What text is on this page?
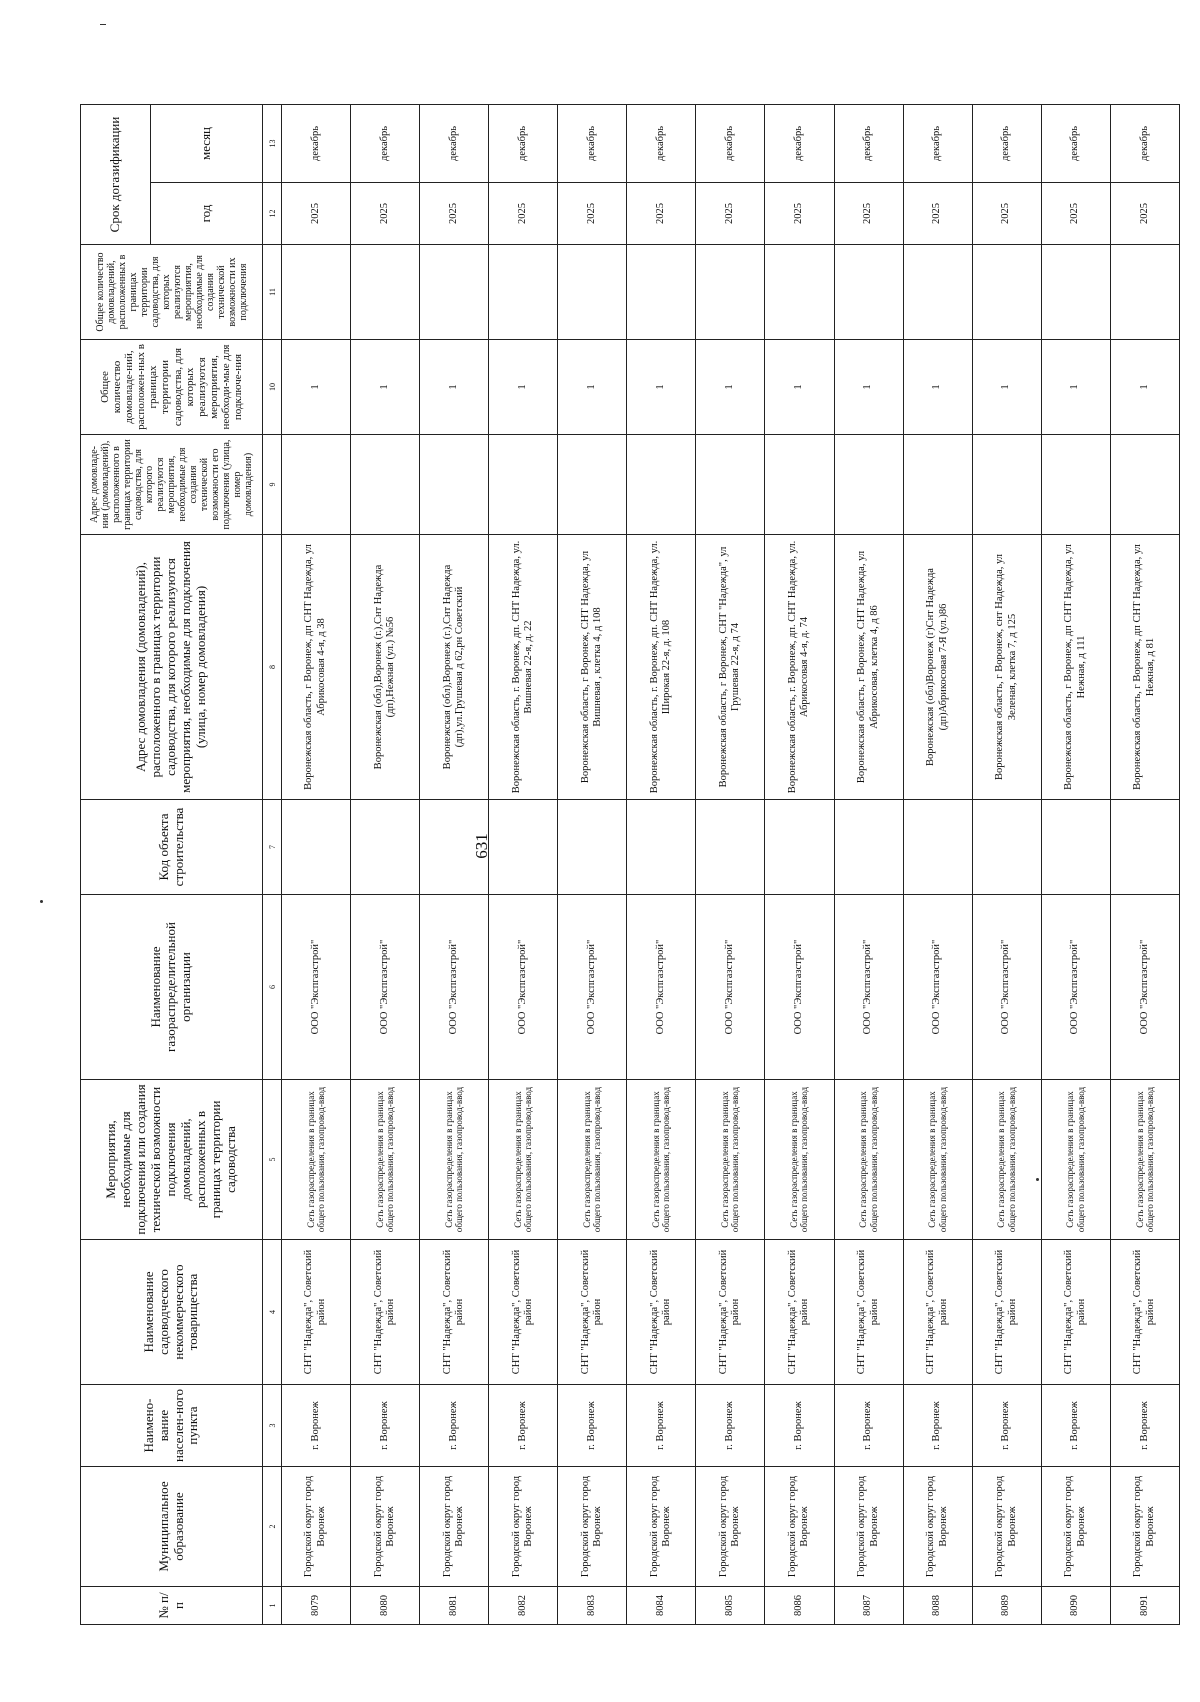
631
№ п/п	Муниципальное образование	Наимено-вание населен-ного пункта	Наименование садоводческого некоммерческого товарищества	Мероприятия, необходимые для подключения или создания технической возможности подключения домовладений, расположенных в границах территории садоводства	Наименование газораспределительной организации	Код объекта строительства	Адрес домовладения (домовладений), расположенного в границах территории садоводства, для которого реализуются мероприятия, необходимые для подключения (улица, номер домовладения)	Адрес домовладе-ния (домовладений), расположенного в границах территории садоводства, для которого реализуются мероприятия, необходимые для создания технической возможности его подключения (улица, номер домовладения)	Общее количество домовладе-ний, расположен-ных в границах территории садоводства, для которых реализуются мероприятия, необходи-мые для подключе-ния	Общее количество домовладений, расположенных в границах территории садоводства, для которых реализуются мероприятия, необходимые для создания технической возможности их подключения	Срок догазификации	
											год	месяц
1	2	3	4	5	6	7	8	9	10	11	12	13
8079	Городской округ город Воронеж	г. Воронеж	СНТ "Надежда", Советский район	Сеть газораспределения в границах общего пользования, газопровод-ввод	ООО "Экспгазстрой"		Воронежская область, г Воронеж, дп СНТ Надежда, ул Абрикосовая 4-я, д 38		1		2025	декабрь
8080	Городской округ город Воронеж	г. Воронеж	СНТ "Надежда", Советский район	Сеть газораспределения в границах общего пользования, газопровод-ввод	ООО "Экспгазстрой"		Воронежская (обл),Воронеж (г.),Снт Надежда (дп),Нежная (ул.) №56		1		2025	декабрь
8081	Городской округ город Воронеж	г. Воронеж	СНТ "Надежда", Советский район	Сеть газораспределения в границах общего пользования, газопровод-ввод	ООО "Экспгазстрой"		Воронежская (обл),Воронеж (г.),Снт Надежда (дп),ул.Грушевая д 62,рн Советский		1		2025	декабрь
8082	Городской округ город Воронеж	г. Воронеж	СНТ "Надежда", Советский район	Сеть газораспределения в границах общего пользования, газопровод-ввод	ООО "Экспгазстрой"		Воронежская область, г. Воронеж, дп. СНТ Надежда, ул. Вишневая 22-я, д. 22		1		2025	декабрь
8083	Городской округ город Воронеж	г. Воронеж	СНТ "Надежда", Советский район	Сеть газораспределения в границах общего пользования, газопровод-ввод	ООО "Экспгазстрой"		Воронежская область, г Воронеж, СНТ Надежда, ул Вишневая , клетка 4, д 108		1		2025	декабрь
8084	Городской округ город Воронеж	г. Воронеж	СНТ "Надежда", Советский район	Сеть газораспределения в границах общего пользования, газопровод-ввод	ООО "Экспгазстрой"		Воронежская область, г. Воронеж, дп. СНТ Надежда, ул. Широкая 22-я, д. 108		1		2025	декабрь
8085	Городской округ город Воронеж	г. Воронеж	СНТ "Надежда", Советский район	Сеть газораспределения в границах общего пользования, газопровод-ввод	ООО "Экспгазстрой"		Воронежская область, г Воронеж, СНТ "Надежда", ул Грушевая 22-я, д 74		1		2025	декабрь
8086	Городской округ город Воронеж	г. Воронеж	СНТ "Надежда", Советский район	Сеть газораспределения в границах общего пользования, газопровод-ввод	ООО "Экспгазстрой"		Воронежская область, г. Воронеж, дп. СНТ Надежда, ул. Абрикосовая 4-я, д. 74		1		2025	декабрь
8087	Городской округ город Воронеж	г. Воронеж	СНТ "Надежда", Советский район	Сеть газораспределения в границах общего пользования, газопровод-ввод	ООО "Экспгазстрой"		Воронежская область, г Воронеж, СНТ Надежда, ул Абрикосовая, клетка 4, д 86		1		2025	декабрь
8088	Городской округ город Воронеж	г. Воронеж	СНТ "Надежда", Советский район	Сеть газораспределения в границах общего пользования, газопровод-ввод	ООО "Экспгазстрой"		Воронежская (обл)Воронеж (г)Снт Надежда (дп)Абрикосовая 7-Я (ул.)86		1		2025	декабрь
8089	Городской округ город Воронеж	г. Воронеж	СНТ "Надежда", Советский район	Сеть газораспределения в границах общего пользования, газопровод-ввод	ООО "Экспгазстрой"		Воронежская область, г Воронеж, снт Надежда, ул Зеленая, клетка 7, д 125		1		2025	декабрь
8090	Городской округ город Воронеж	г. Воронеж	СНТ "Надежда", Советский район	Сеть газораспределения в границах общего пользования, газопровод-ввод	ООО "Экспгазстрой"		Воронежская область, г Воронеж, дп СНТ Надежда, ул Нежная, д 111		1		2025	декабрь
8091	Городской округ город Воронеж	г. Воронеж	СНТ "Надежда", Советский район	Сеть газораспределения в границах общего пользования, газопровод-ввод	ООО "Экспгазстрой"		Воронежская область, г Воронеж, дп СНТ Надежда, ул Нежная, д 81		1		2025	декабрь
